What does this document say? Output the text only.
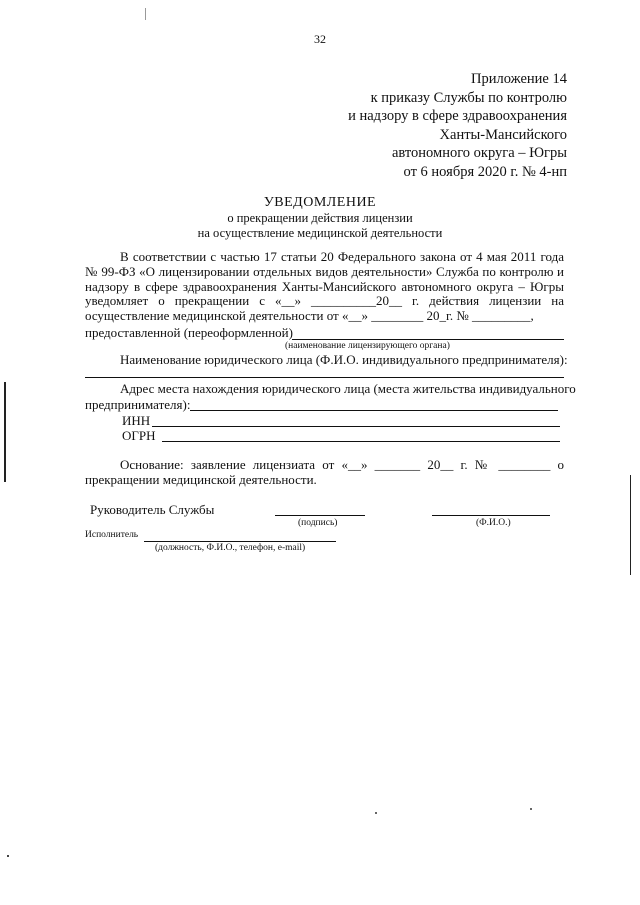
32
Приложение 14
к приказу Службы по контролю
и надзору в сфере здравоохранения
Ханты-Мансийского
автономного округа – Югры
от 6 ноября 2020 г. № 4-нп
УВЕДОМЛЕНИЕ
о прекращении действия лицензии
на осуществление медицинской деятельности
В соответствии с частью 17 статьи 20 Федерального закона от 4 мая 2011 года № 99-ФЗ «О лицензировании отдельных видов деятельности» Служба по контролю и надзору в сфере здравоохранения Ханты-Мансийского автономного округа – Югры уведомляет о прекращении с «__» __________20__ г. действия лицензии на осуществление медицинской деятельности от «__» ________ 20_г. № _________,
предоставленной (переоформленной)
(наименование лицензирующего органа)
Наименование юридического лица (Ф.И.О. индивидуального предпринимателя):
Адрес места нахождения юридического лица (места жительства индивидуального
предпринимателя):
ИНН
ОГРН
Основание: заявление лицензиата от «__» _______ 20__ г. № ________ о
прекращении медицинской деятельности.
Руководитель Службы
(подпись)	(Ф.И.О.)
Исполнитель
(должность, Ф.И.О., телефон, e-mail)
